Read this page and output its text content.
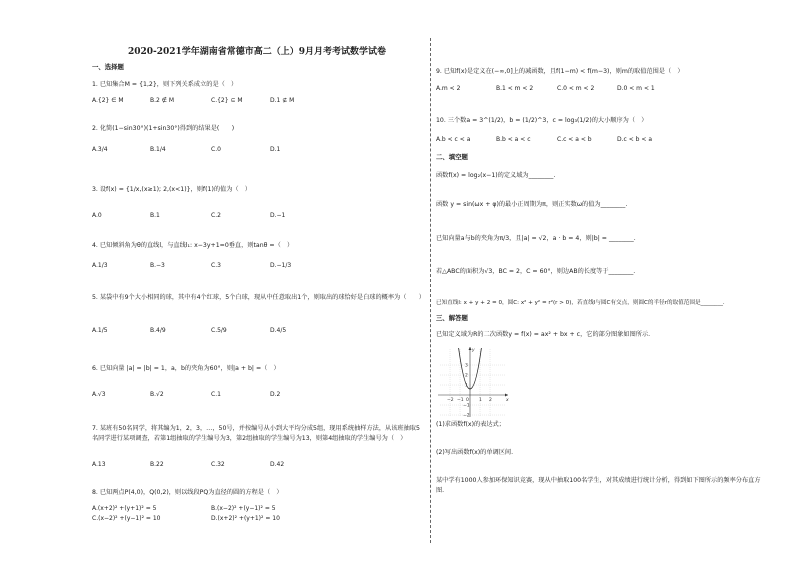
2020-2021学年湖南省常德市高二（上）9月月考考试数学试卷
一、选择题
1. 已知集合M = {1,2}，则下列关系成立的是（　）
A.{2} ∈ M	B.2 ∉ M	C.{2} ⊆ M	D.1 ⊈ M
2. 化简(1−sin30°)(1+sin30°)得到的结果是(　　)
A.3/4	B.1/4	C.0	D.1
3. 设f(x) = {1/x,(x≥1); 2,(x<1)}，则f(1)的值为（　）
A.0	B.1	C.2	D.−1
4. 已知倾斜角为θ的直线l，与直线l₁: x−3y+1=0垂直，则tanθ =（　）
A.1/3	B.−3	C.3	D.−1/3
5. 某袋中有9个大小相同的球，其中有4个红球，5个白球，现从中任意取出1个，则取出的球恰好是白球的概率为（　　）
A.1/5	B.4/9	C.5/9	D.4/5
6. 已知向量 |a| = |b| = 1，a，b的夹角为60°，则|a + b| =（　）
A.√3	B.√2	C.1	D.2
7. 某班有50名同学，将其编为1，2，3，…，50号，并按编号从小到大平均分成5组，现用系统抽样方法，从该班抽取5名同学进行某项调查，若第1组抽取的学生编号为3，第2组抽取的学生编号为13，则第4组抽取的学生编号为（　）
A.13	B.22	C.32	D.42
8. 已知两点P(4,0)，Q(0,2)，则以线段PQ为直径的圆的方程是（　）
A.(x+2)² +(y+1)² = 5	B.(x−2)² +(y−1)² = 5
C.(x−2)² +(y−1)² = 10	D.(x+2)² +(y+1)² = 10
9. 已知f(x)是定义在(−∞,0]上的减函数，且f(1−m) < f(m−3)，则m的取值范围是（　）
A.m < 2	B.1 < m < 2	C.0 < m < 2	D.0 < m < 1
10. 三个数a = 3^(1/2)，b = (1/2)^3，c = log₃(1/2)的大小顺序为（　）
A.b < c < a	B.b < a < c	C.c < a < b	D.c < b < a
二、填空题
函数f(x) = log₂(x−1)的定义域为________.
函数 y = sin(ωx + φ)的最小正周期为π，则正实数ω的值为________.
已知向量a与b的夹角为π/3，且|a| = √2，a · b = 4，则|b| = ________.
若△ABC的面积为√3，BC = 2，C = 60°，则边AB的长度等于________.
已知直线l: x + y + 2 = 0，圆C: x² + y² = r²(r > 0)，若直线l与圆C有交点，则圆C的半径r的取值范围是________.
三、解答题
已知定义域为R的二次函数y = f(x) = ax² + bx + c，它的部分图象如图所示.
−2 −1 0 1 2
3
2
1
−1
−2
x
y
(1)求函数f(x)的表达式；
(2)写出函数f(x)的单调区间.
某中学有1000人参加环保知识竞赛，现从中抽取100名学生，对其成绩进行统计分析，得到如下图所示的频率分布直方图.
